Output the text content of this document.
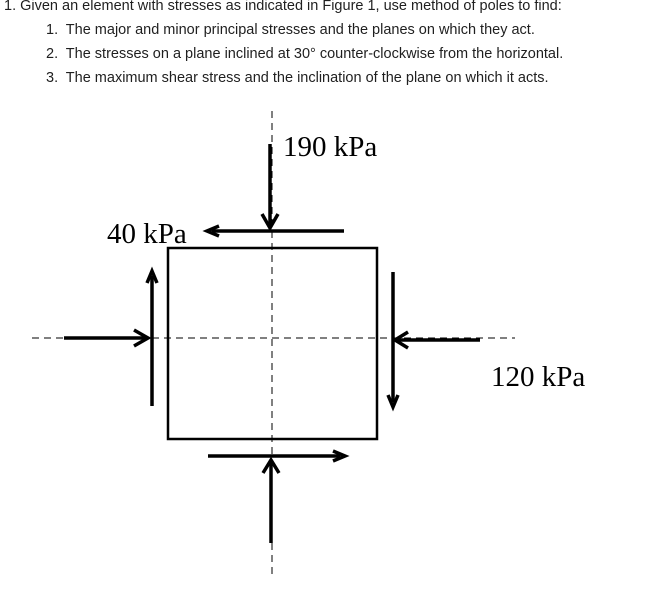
1. Given an element with stresses as indicated in Figure 1, use method of poles to find:
1. The major and minor principal stresses and the planes on which they act.
2. The stresses on a plane inclined at 30° counter-clockwise from the horizontal.
3. The maximum shear stress and the inclination of the plane on which it acts.
190 kPa
40 kPa
120 kPa
